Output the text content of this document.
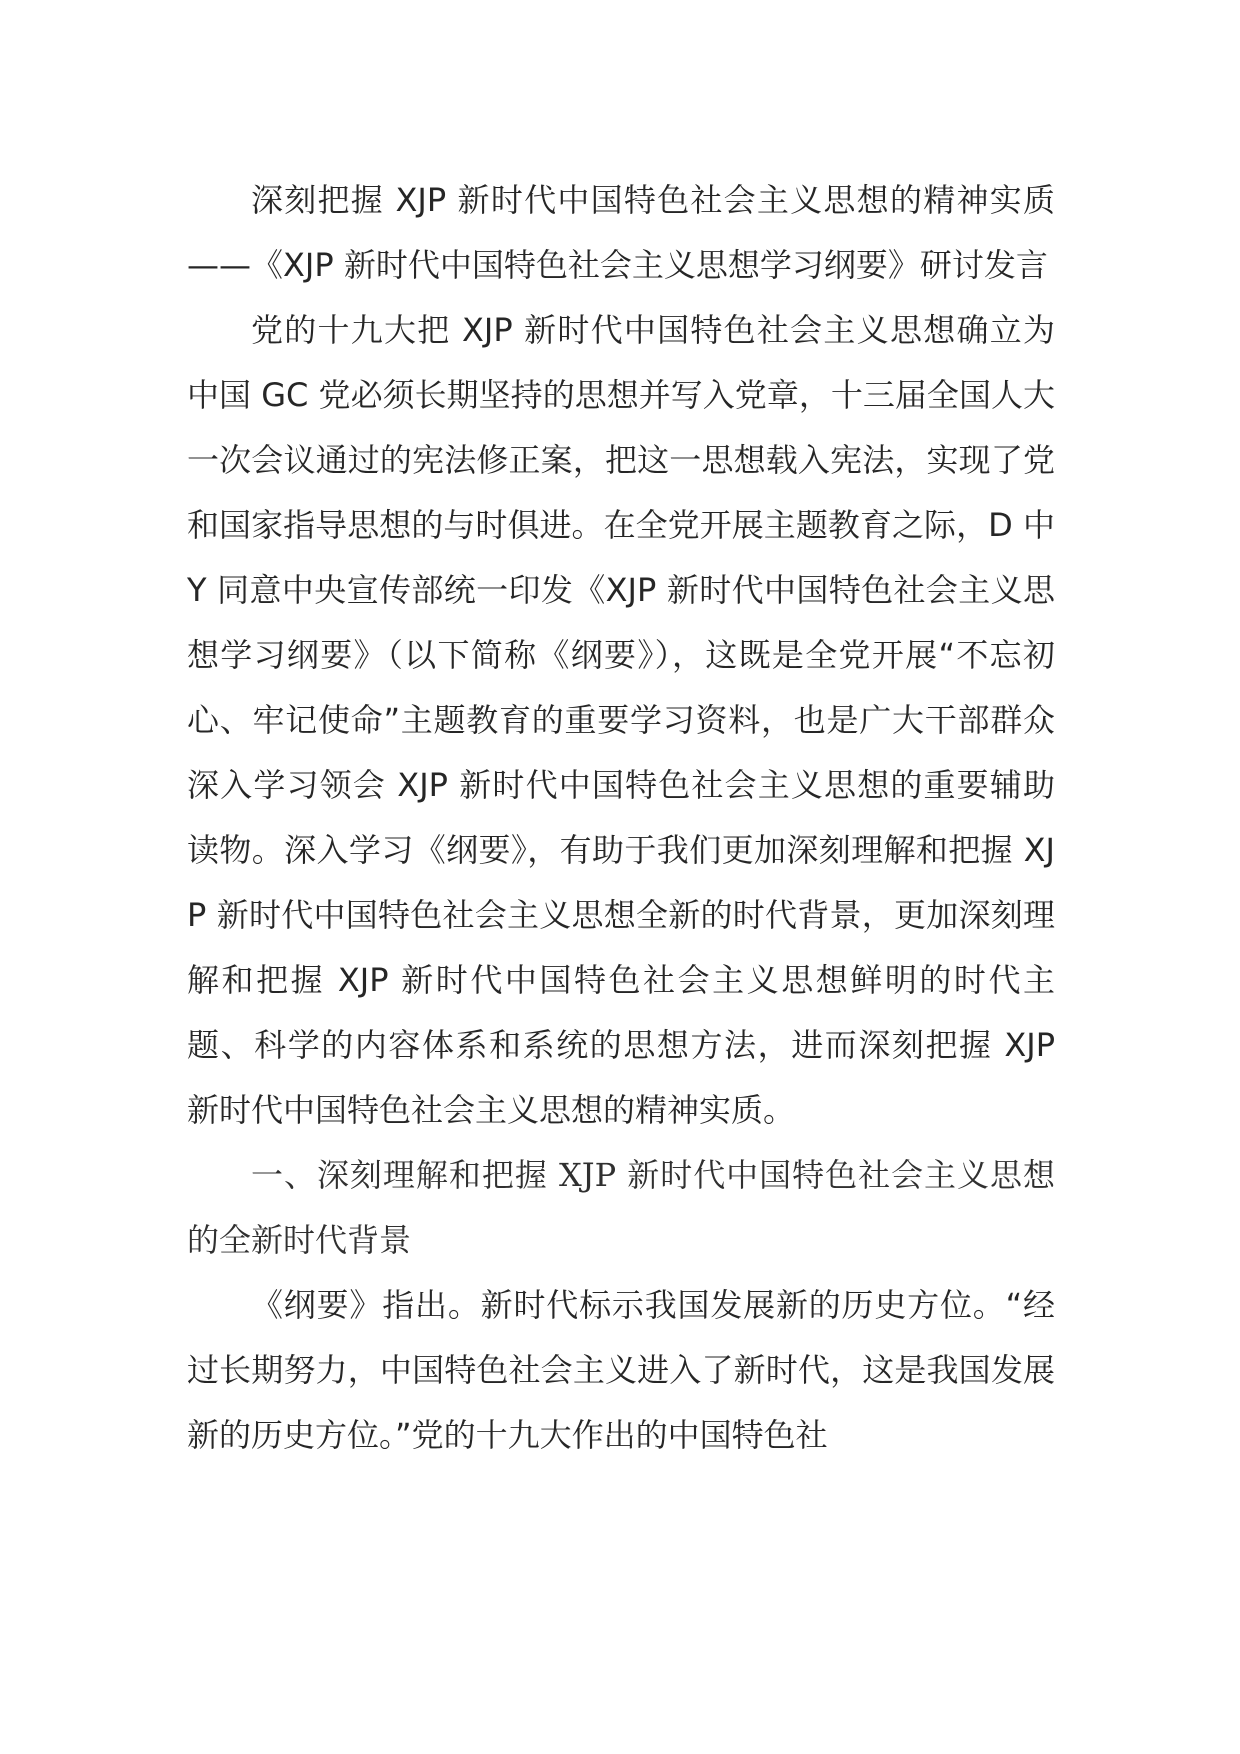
深刻把握 XJP 新时代中国特色社会主义思想的精神实质——《XJP 新时代中国特色社会主义思想学习纲要》研讨发言

党的十九大把 XJP 新时代中国特色社会主义思想确立为中国 GC 党必须长期坚持的思想并写入党章，十三届全国人大一次会议通过的宪法修正案，把这一思想载入宪法，实现了党和国家指导思想的与时俱进。在全党开展主题教育之际，D 中 Y 同意中央宣传部统一印发《XJP 新时代中国特色社会主义思想学习纲要》（以下简称《纲要》），这既是全党开展“不忘初心、牢记使命”主题教育的重要学习资料，也是广大干部群众深入学习领会 XJP 新时代中国特色社会主义思想的重要辅助读物。深入学习《纲要》，有助于我们更加深刻理解和把握 XJP 新时代中国特色社会主义思想全新的时代背景，更加深刻理解和把握 XJP 新时代中国特色社会主义思想鲜明的时代主题、科学的内容体系和系统的思想方法，进而深刻把握 XJP 新时代中国特色社会主义思想的精神实质。

一、深刻理解和把握 XJP 新时代中国特色社会主义思想的全新时代背景

《纲要》指出。新时代标示我国发展新的历史方位。“经过长期努力，中国特色社会主义进入了新时代，这是我国发展新的历史方位。”党的十九大作出的中国特色社
